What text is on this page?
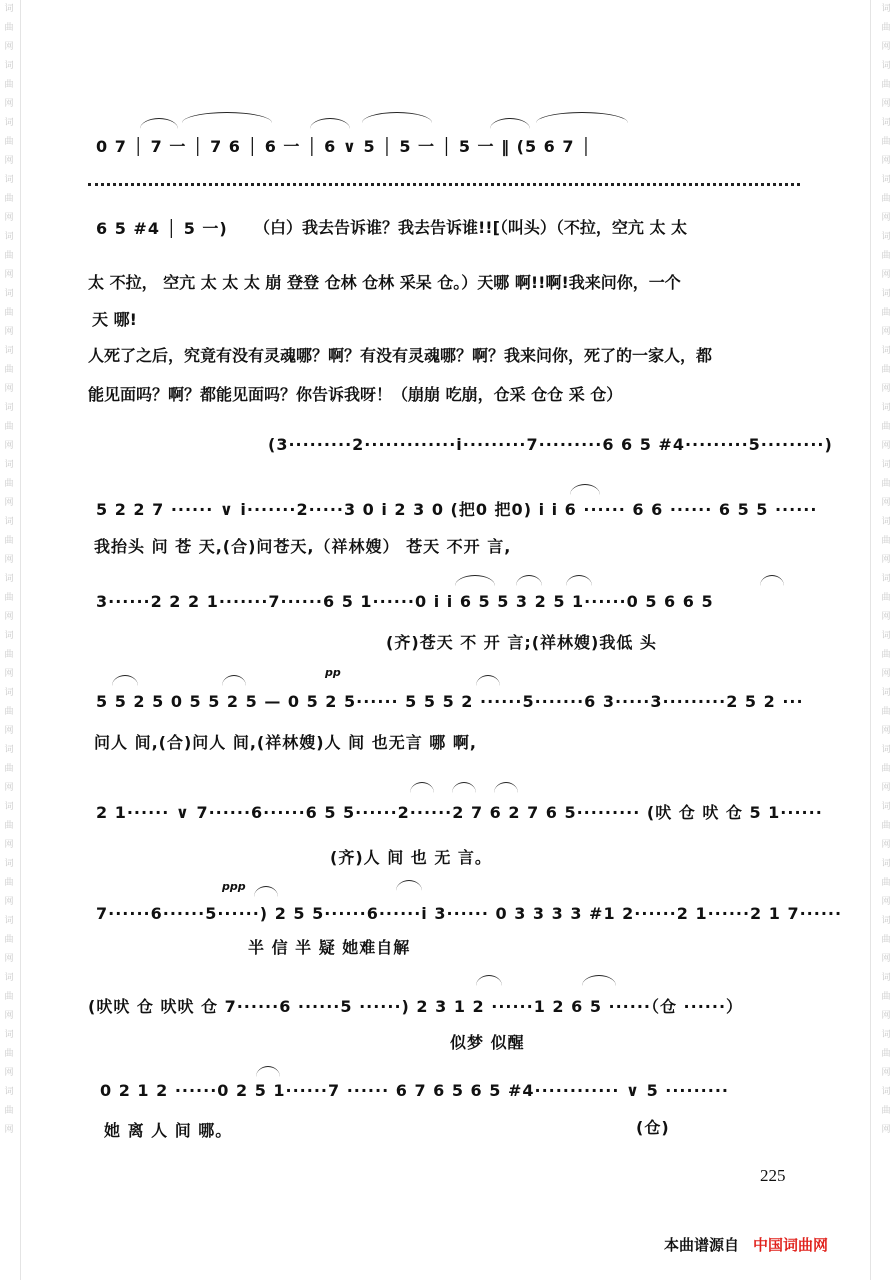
词曲网词曲网词曲网词曲网词曲网词曲网词曲网词曲网词曲网词曲网词曲网词曲网词曲网词曲网词曲网词曲网词曲网词曲网词曲网词曲网
词曲网词曲网词曲网词曲网词曲网词曲网词曲网词曲网词曲网词曲网词曲网词曲网词曲网词曲网词曲网词曲网词曲网词曲网词曲网词曲网
0 7 │ 7 一 │ 7 6 │ 6 一 │ 6 ∨ 5 │ 5 一 │ 5 一 ‖ (5 6 7 │
6 5 #4 │ 5 一) （白）我去告诉谁？我去告诉谁!![（叫头）（不拉，空亢 太 太
太 不拉， 空亢 太 太 太 崩 登登 仓林 仓林 采呆 仓。）天哪 啊!!啊!我来问你，一个
天 哪!
人死了之后，究竟有没有灵魂哪？啊？有没有灵魂哪？啊？我来问你，死了的一家人，都
能见面吗？啊？都能见面吗？你告诉我呀！（崩崩 吃崩，仓采 仓仓 采 仓）
(3·········2·············i·········7·········6 6 5 #4·········5·········)
5 2 2 7 ······ ∨ i·······2·····3 0 i 2 3 0 (把0 把0) i i 6 ······ 6 6 ······ 6 5 5 ······
我抬头 问 苍 天,(合)问苍天,（祥林嫂） 苍天 不开 言,
3······2 2 2 1·······7······6 5 1······0 i i 6 5 5 3 2 5 1······0 5 6 6 5
(齐)苍天 不 开 言;(祥林嫂)我低 头
pp
5 5 2 5 0 5 5 2 5 — 0 5 2 5······ 5 5 5 2 ······5·······6 3·····3·········2 5 2 ···
问人 间,(合)问人 间,(祥林嫂)人 间 也无言 哪 啊,
2 1······ ∨ 7······6······6 5 5······2······2 7 6 2 7 6 5········· (吠 仓 吠 仓 5 1······
(齐)人 间 也 无 言。
ppp
7······6······5······) 2 5 5······6······i 3······ 0 3 3 3 3 #1 2······2 1······2 1 7······
半 信 半 疑 她难自解
(吠吠 仓 吠吠 仓 7······6 ······5 ······) 2 3 1 2 ······1 2 6 5 ······（仓 ······）
似梦 似醒
0 2 1 2 ······0 2 5 1······7 ······ 6 7 6 5 6 5 #4············ ∨ 5 ·········
她 离 人 间 哪。	(仓)
225
本曲谱源自 中国词曲网
